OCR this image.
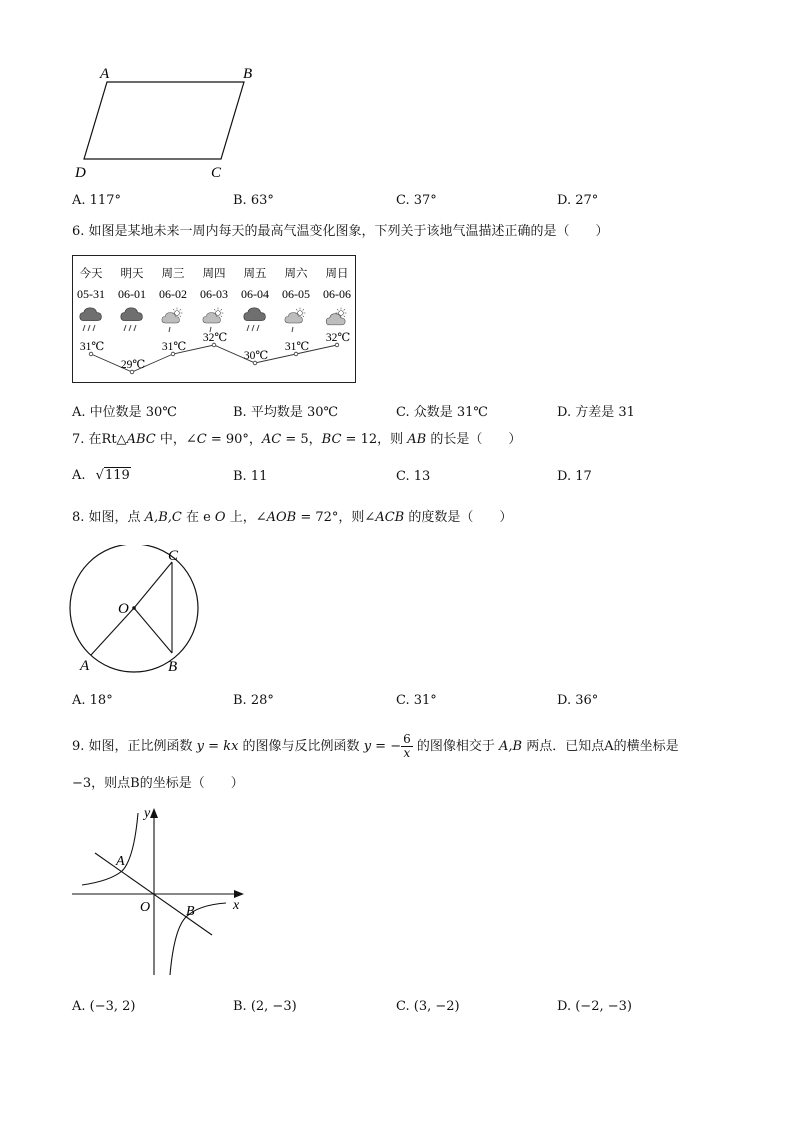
A	B
C
D
A. 117°	B. 63°	C. 37°	D. 27°
6. 如图是某地未来一周内每天的最高气温变化图象，下列关于该地气温描述正确的是（　　）
今天 明天 周三 周四 周五 周六 周日
05-31 06-01 06-02 06-03 06-04 06-05 06-06
31℃
29℃
31℃
32℃
30℃
31℃
32℃
A. 中位数是 30℃	B. 平均数是 30℃	C. 众数是 31℃	D. 方差是 31
7. 在Rt△ABC 中，∠C = 90°，AC = 5，BC = 12，则 AB 的长是（　　）
A. √119	B. 11	C. 13	D. 17
8. 如图，点 A,B,C 在 e O 上，∠AOB = 72°，则∠ACB 的度数是（　　）
O
A	B
C
A. 18°	B. 28°	C. 31°	D. 36°
9. 如图，正比例函数 y = kx 的图像与反比例函数 y = − $\frac{6}{x}$ 的图像相交于 A,B 两点．已知点A的横坐标是
−3，则点B的坐标是（　　）
y
x
O
A
B
A. (−3, 2)	B. (2, −3)	C. (3, −2)	D. (−2, −3)
